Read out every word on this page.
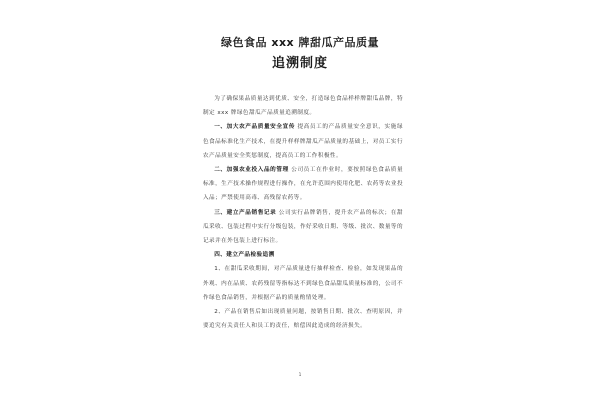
绿色食品 xxx 牌甜瓜产品质量
追溯制度

为了确保果品质量达到优质、安全，打造绿色食品样样牌甜瓜品牌，特制定 xxx 牌绿色甜瓜产品质量追溯制度。

一、加大农产品质量安全宣传 提高员工的产品质量安全意识，实施绿色食品标准化生产技术，在提升样样牌甜瓜产品质量的基础上，对员工实行农产品质量安全奖惩制度，提高员工的工作积极性。

二、加强农业投入品的管理 公司员工在作业时，要按照绿色食品质量标准，生产技术操作规程进行操作，在允许范围内使用化肥、农药等农业投入品；严禁使用高毒、高残留农药等。

三、建立产品销售记录 公司实行品牌销售，提升农产品的标次；在甜瓜采收、包装过程中实行分级包装，作好采收日期、等级、批次、数量等的记录并在外包装上进行标注。

四、建立产品检验追溯

1、在甜瓜采收期间，对产品质量进行抽样检查、检验，如发现果品的外观、内在品质、农药残留等指标达不到绿色食品甜瓜质量标准的，公司不作绿色食品销售，并根据产品的质量酌情处理。

2、产品在销售后如出现质量问题，按销售日期、批次、查明原因，并要追究有关责任人和员工的责任，赔偿因此造成的经济损失。

1
